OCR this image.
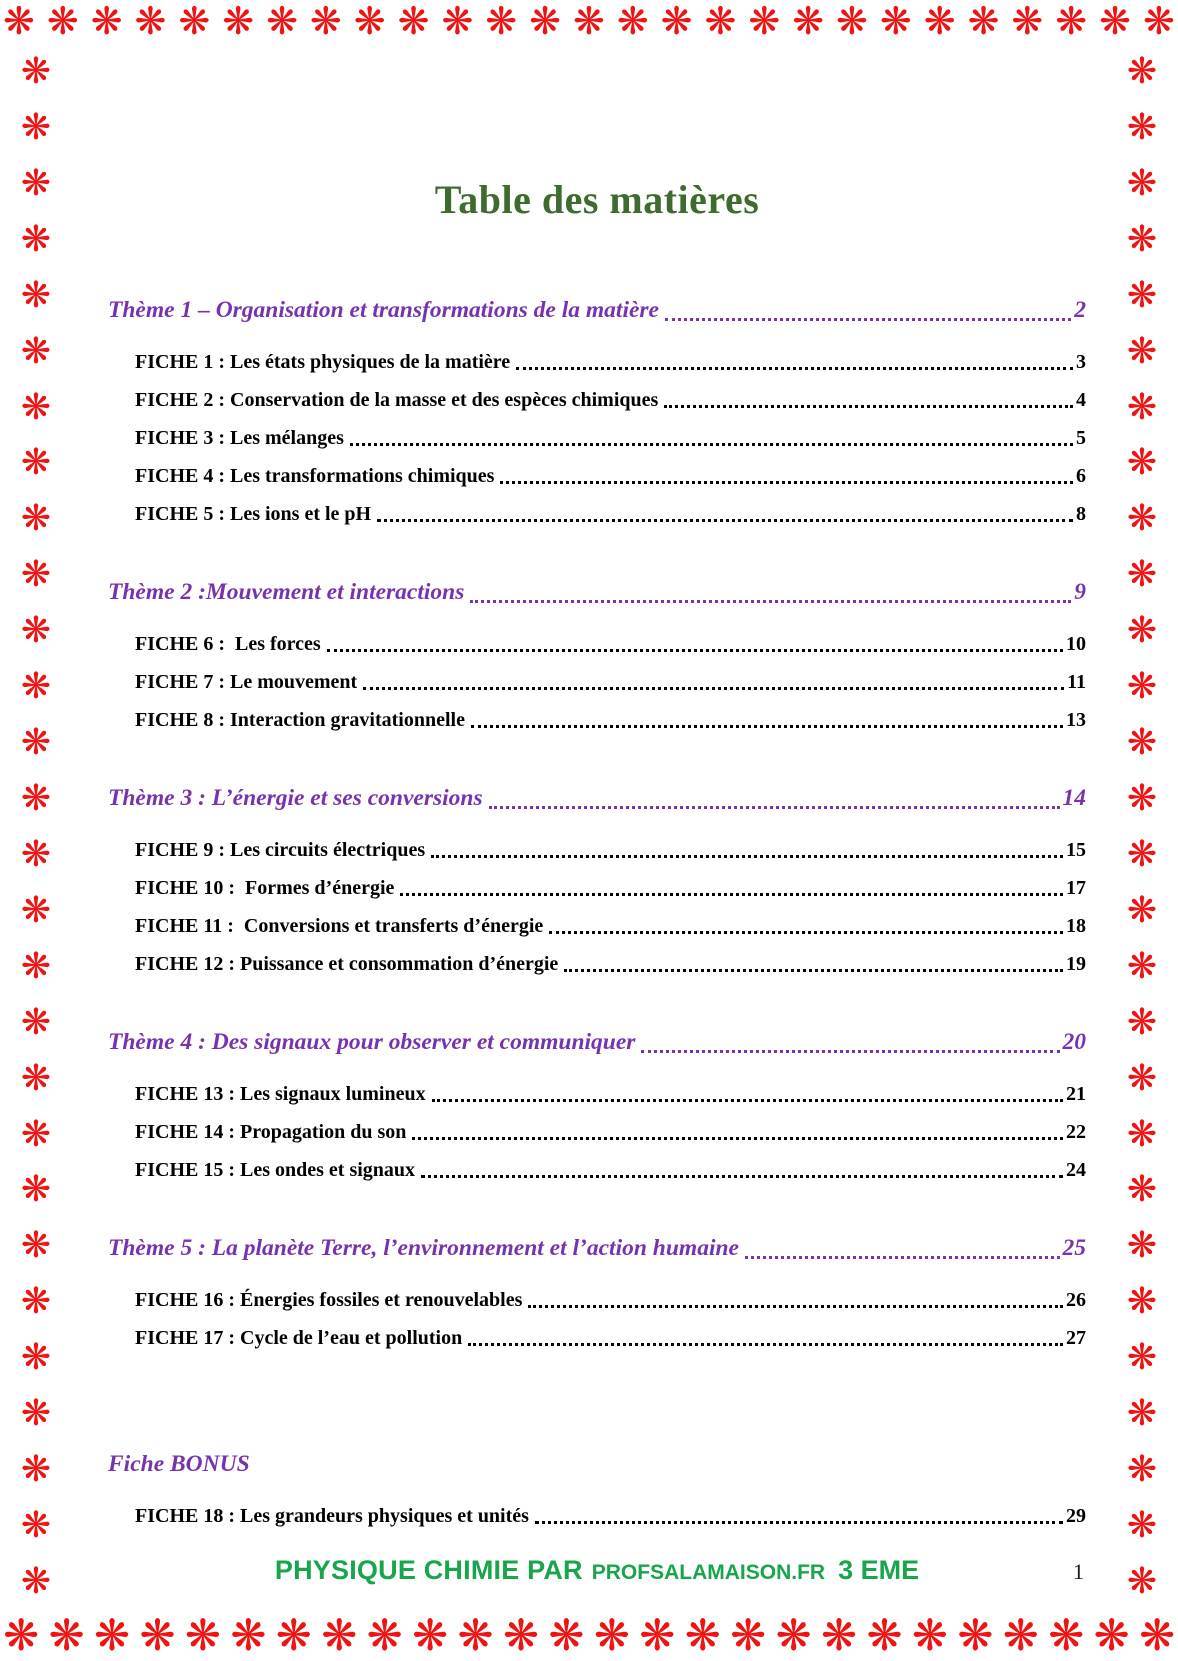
❋ ❋ ❋ ❋ ❋ ❋ ❋ ❋ ❋ ❋ ❋ ❋ ❋ ❋ ❋ ❋ ❋ ❋ ❋ ❋ ❋ ❋ ❋ ❋ ❋ ❋ ❋
❋
❋
❋
❋
❋
❋
❋
❋
❋
❋
❋
❋
❋
❋
❋
❋
❋
❋
❋
❋
❋
❋
❋
❋
❋
❋
❋
❋
❋
❋
❋
❋
❋
❋
❋
❋
❋
❋
❋
❋
❋
❋
❋
❋
❋
❋
❋
❋
❋
❋
❋
❋
❋
❋
❋
❋
❋ ❋ ❋ ❋ ❋ ❋ ❋ ❋ ❋ ❋ ❋ ❋ ❋ ❋ ❋ ❋ ❋ ❋ ❋ ❋ ❋ ❋ ❋ ❋ ❋ ❋
Table des matières
Thème 1 – Organisation et transformations de la matière	2
FICHE 1 : Les états physiques de la matière	3
FICHE 2 : Conservation de la masse et des espèces chimiques	4
FICHE 3 : Les mélanges	5
FICHE 4 : Les transformations chimiques	6
FICHE 5 : Les ions et le pH	8
Thème 2 :Mouvement et interactions	9
FICHE 6 :  Les forces	10
FICHE 7 : Le mouvement	11
FICHE 8 : Interaction gravitationnelle	13
Thème 3 : L’énergie et ses conversions	14
FICHE 9 : Les circuits électriques	15
FICHE 10 :  Formes d’énergie	17
FICHE 11 :  Conversions et transferts d’énergie	18
FICHE 12 : Puissance et consommation d’énergie	19
Thème 4 : Des signaux pour observer et communiquer	20
FICHE 13 : Les signaux lumineux	21
FICHE 14 : Propagation du son	22
FICHE 15 : Les ondes et signaux	24
Thème 5 : La planète Terre, l’environnement et l’action humaine	25
FICHE 16 : Énergies fossiles et renouvelables	26
FICHE 17 : Cycle de l’eau et pollution	27
Fiche BONUS
FICHE 18 : Les grandeurs physiques et unités	29
PHYSIQUE CHIMIE PAR PROFSALAMAISON.FR 3 EME	1
